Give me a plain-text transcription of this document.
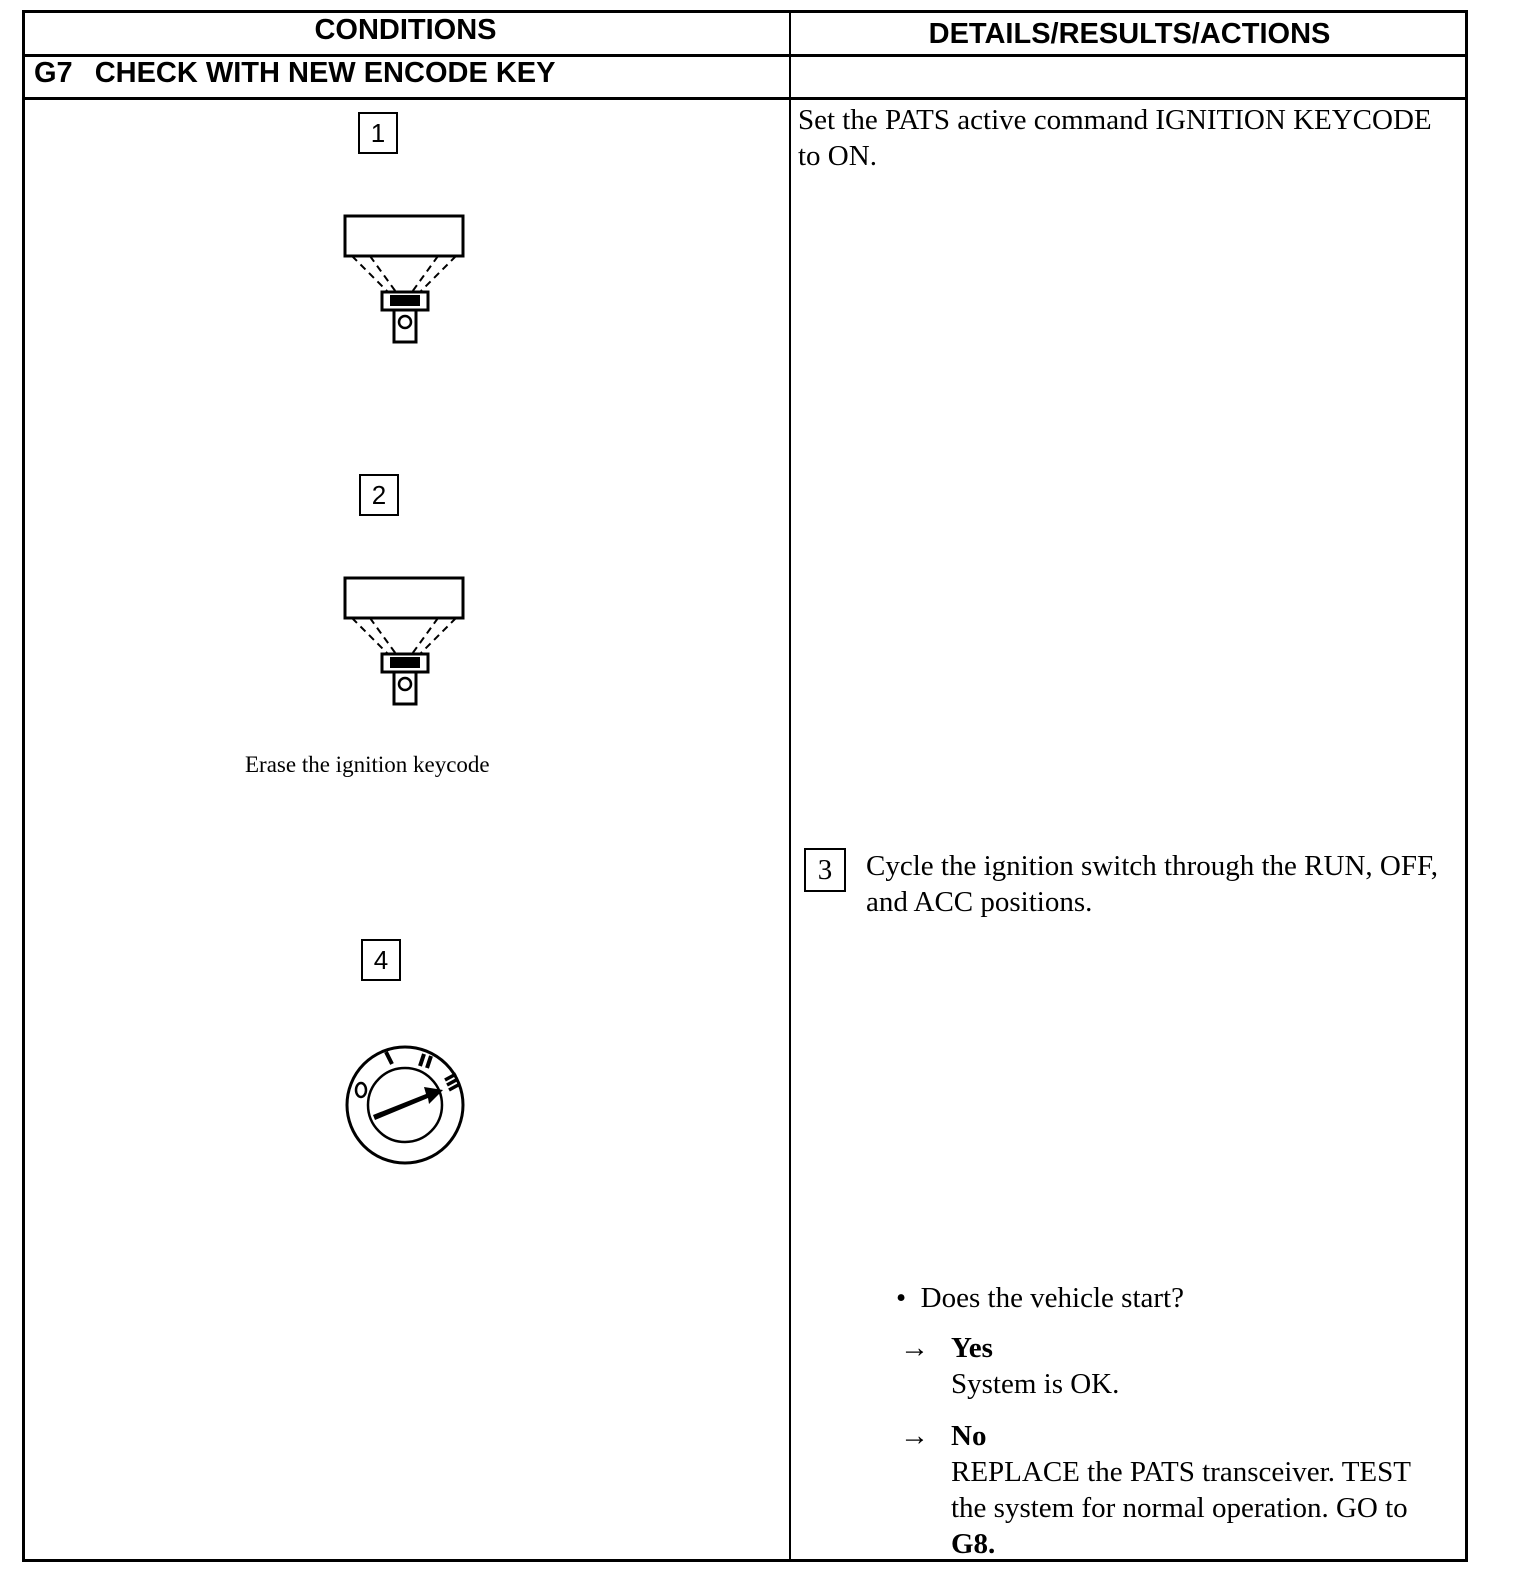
CONDITIONS	DETAILS/RESULTS/ACTIONS
G7 CHECK WITH NEW ENCODE KEY
1
2
Erase the ignition keycode
4
Set the PATS active command IGNITION KEYCODE to ON.
3	Cycle the ignition switch through the RUN, OFF, and ACC positions.
• Does the vehicle start?
→ Yes
System is OK.
→ No
REPLACE the PATS transceiver. TEST the system for normal operation. GO to G8.
